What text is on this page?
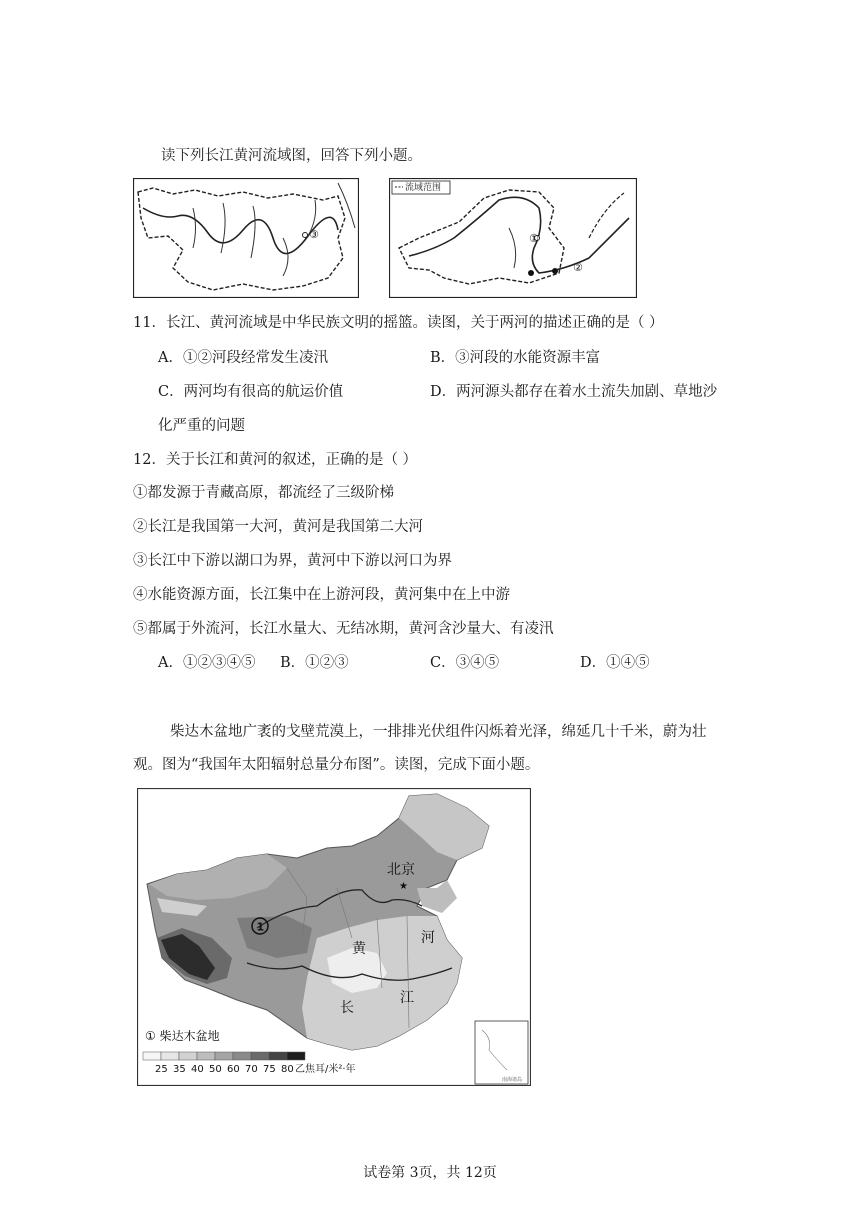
读下列长江黄河流域图，回答下列小题。
③
流域范围
①
②
11．长江、黄河流域是中华民族文明的摇篮。读图，关于两河的描述正确的是（ ）
A．①②河段经常发生凌汛	B．③河段的水能资源丰富
C．两河均有很高的航运价值	D．两河源头都存在着水土流失加剧、草地沙
化严重的问题
12．关于长江和黄河的叙述，正确的是（ ）
①都发源于青藏高原，都流经了三级阶梯
②长江是我国第一大河，黄河是我国第二大河
③长江中下游以湖口为界，黄河中下游以河口为界
④水能资源方面，长江集中在上游河段，黄河集中在上中游
⑤都属于外流河，长江水量大、无结冰期，黄河含沙量大、有凌汛
A．①②③④⑤ B．①②③	C．③④⑤	D．①④⑤
柴达木盆地广袤的戈壁荒漠上，一排排光伏组件闪烁着光泽，绵延几十千米，蔚为壮
观。图为“我国年太阳辐射总量分布图”。读图，完成下面小题。
北京
★
黄
河
长
江
1
南海诸岛
① 柴达木盆地
25 35 40 50 60 70 75 80 乙焦耳/米²·年
试卷第 3页，共 12页
